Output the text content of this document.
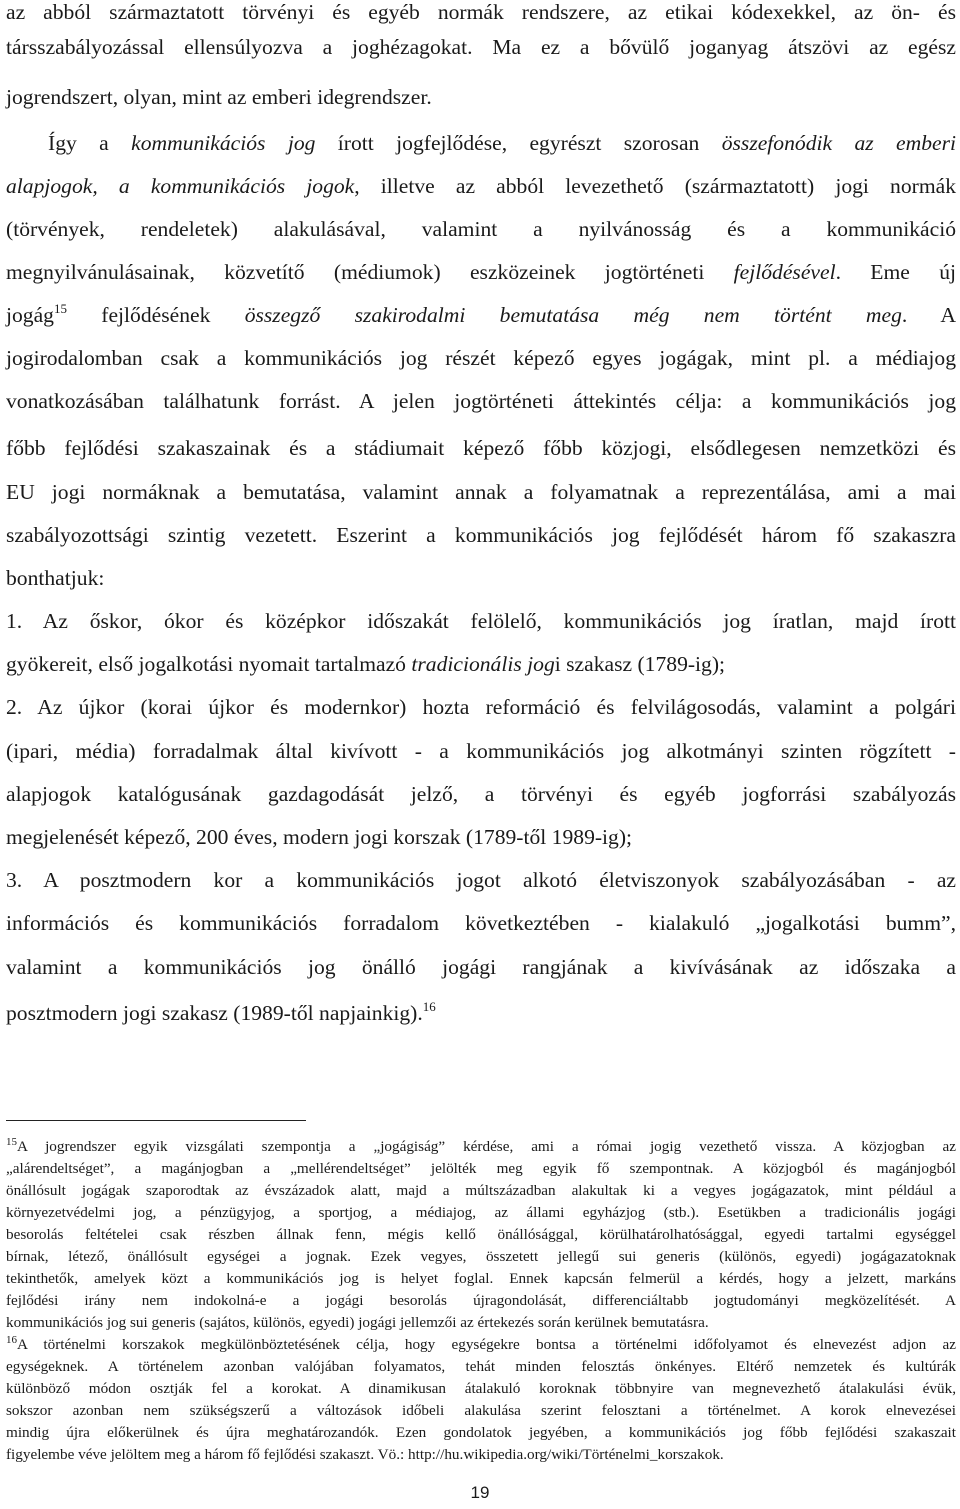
az abból származtatott törvényi és egyéb normák rendszere, az etikai kódexekkel, az ön- és
társszabályozással ellensúlyozva a joghézagokat. Ma ez a bővülő joganyag átszövi az egész
jogrendszert, olyan, mint az emberi idegrendszer.
Így a kommunikációs jog írott jogfejlődése, egyrészt szorosan összefonódik az emberi
alapjogok, a kommunikációs jogok, illetve az abból levezethető (származtatott) jogi normák
(törvények, rendeletek) alakulásával, valamint a nyilvánosság és a kommunikáció
megnyilvánulásainak, közvetítő (médiumok) eszközeinek jogtörténeti fejlődésével. Eme új
jogág$^{15}$ fejlődésének összegző szakirodalmi bemutatása még nem történt meg. A
jogirodalomban csak a kommunikációs jog részét képező egyes jogágak, mint pl. a médiajog
vonatkozásában találhatunk forrást. A jelen jogtörténeti áttekintés célja: a kommunikációs jog
főbb fejlődési szakaszainak és a stádiumait képező főbb közjogi, elsődlegesen nemzetközi és
EU jogi normáknak a bemutatása, valamint annak a folyamatnak a reprezentálása, ami a mai
szabályozottsági szintig vezetett. Eszerint a kommunikációs jog fejlődését három fő szakaszra
bonthatjuk:
1. Az őskor, ókor és középkor időszakát felölelő, kommunikációs jog íratlan, majd írott
gyökereit, első jogalkotási nyomait tartalmazó tradicionális jogi szakasz (1789-ig);
2. Az újkor (korai újkor és modernkor) hozta reformáció és felvilágosodás, valamint a polgári
(ipari, média) forradalmak által kivívott - a kommunikációs jog alkotmányi szinten rögzített -
alapjogok katalógusának gazdagodását jelző, a törvényi és egyéb jogforrási szabályozás
megjelenését képező, 200 éves, modern jogi korszak (1789-től 1989-ig);
3. A posztmodern kor a kommunikációs jogot alkotó életviszonyok szabályozásában - az
információs és kommunikációs forradalom következtében - kialakuló „jogalkotási bumm”,
valamint a kommunikációs jog önálló jogági rangjának a kivívásának az időszaka a
posztmodern jogi szakasz (1989-től napjainkig).$^{16}$
$^{15}$A jogrendszer egyik vizsgálati szempontja a „jogágiság” kérdése, ami a római jogig vezethető vissza. A közjogban az
„alárendeltséget”, a magánjogban a „mellérendeltséget” jelölték meg egyik fő szempontnak. A közjogból és magánjogból
önállósult jogágak szaporodtak az évszázadok alatt, majd a múltszázadban alakultak ki a vegyes jogágazatok, mint például a
környezetvédelmi jog, a pénzügyjog, a sportjog, a médiajog, az állami egyházjog (stb.). Esetükben a tradicionális jogági
besorolás feltételei csak részben állnak fenn, mégis kellő önállósággal, körülhatárolhatósággal, egyedi tartalmi egységgel
bírnak, létező, önállósult egységei a jognak. Ezek vegyes, összetett jellegű sui generis (különös, egyedi) jogágazatoknak
tekinthetők, amelyek közt a kommunikációs jog is helyet foglal. Ennek kapcsán felmerül a kérdés, hogy a jelzett, markáns
fejlődési irány nem indokolná-e a jogági besorolás újragondolását, differenciáltabb jogtudományi megközelítését. A
kommunikációs jog sui generis (sajátos, különös, egyedi) jogági jellemzői az értekezés során kerülnek bemutatásra.
$^{16}$A történelmi korszakok megkülönböztetésének célja, hogy egységekre bontsa a történelmi időfolyamot és elnevezést adjon az
egységeknek. A történelem azonban valójában folyamatos, tehát minden felosztás önkényes. Eltérő nemzetek és kultúrák
különböző módon osztják fel a korokat. A dinamikusan átalakuló koroknak többnyire van megnevezhető átalakulási évük,
sokszor azonban nem szükségszerű a változások időbeli alakulása szerint felosztani a történelmet. A korok elnevezései
mindig újra előkerülnek és újra meghatározandók. Ezen gondolatok jegyében, a kommunikációs jog főbb fejlődési szakaszait
figyelembe véve jelöltem meg a három fő fejlődési szakaszt. Vö.: http://hu.wikipedia.org/wiki/Történelmi_korszakok.
19
